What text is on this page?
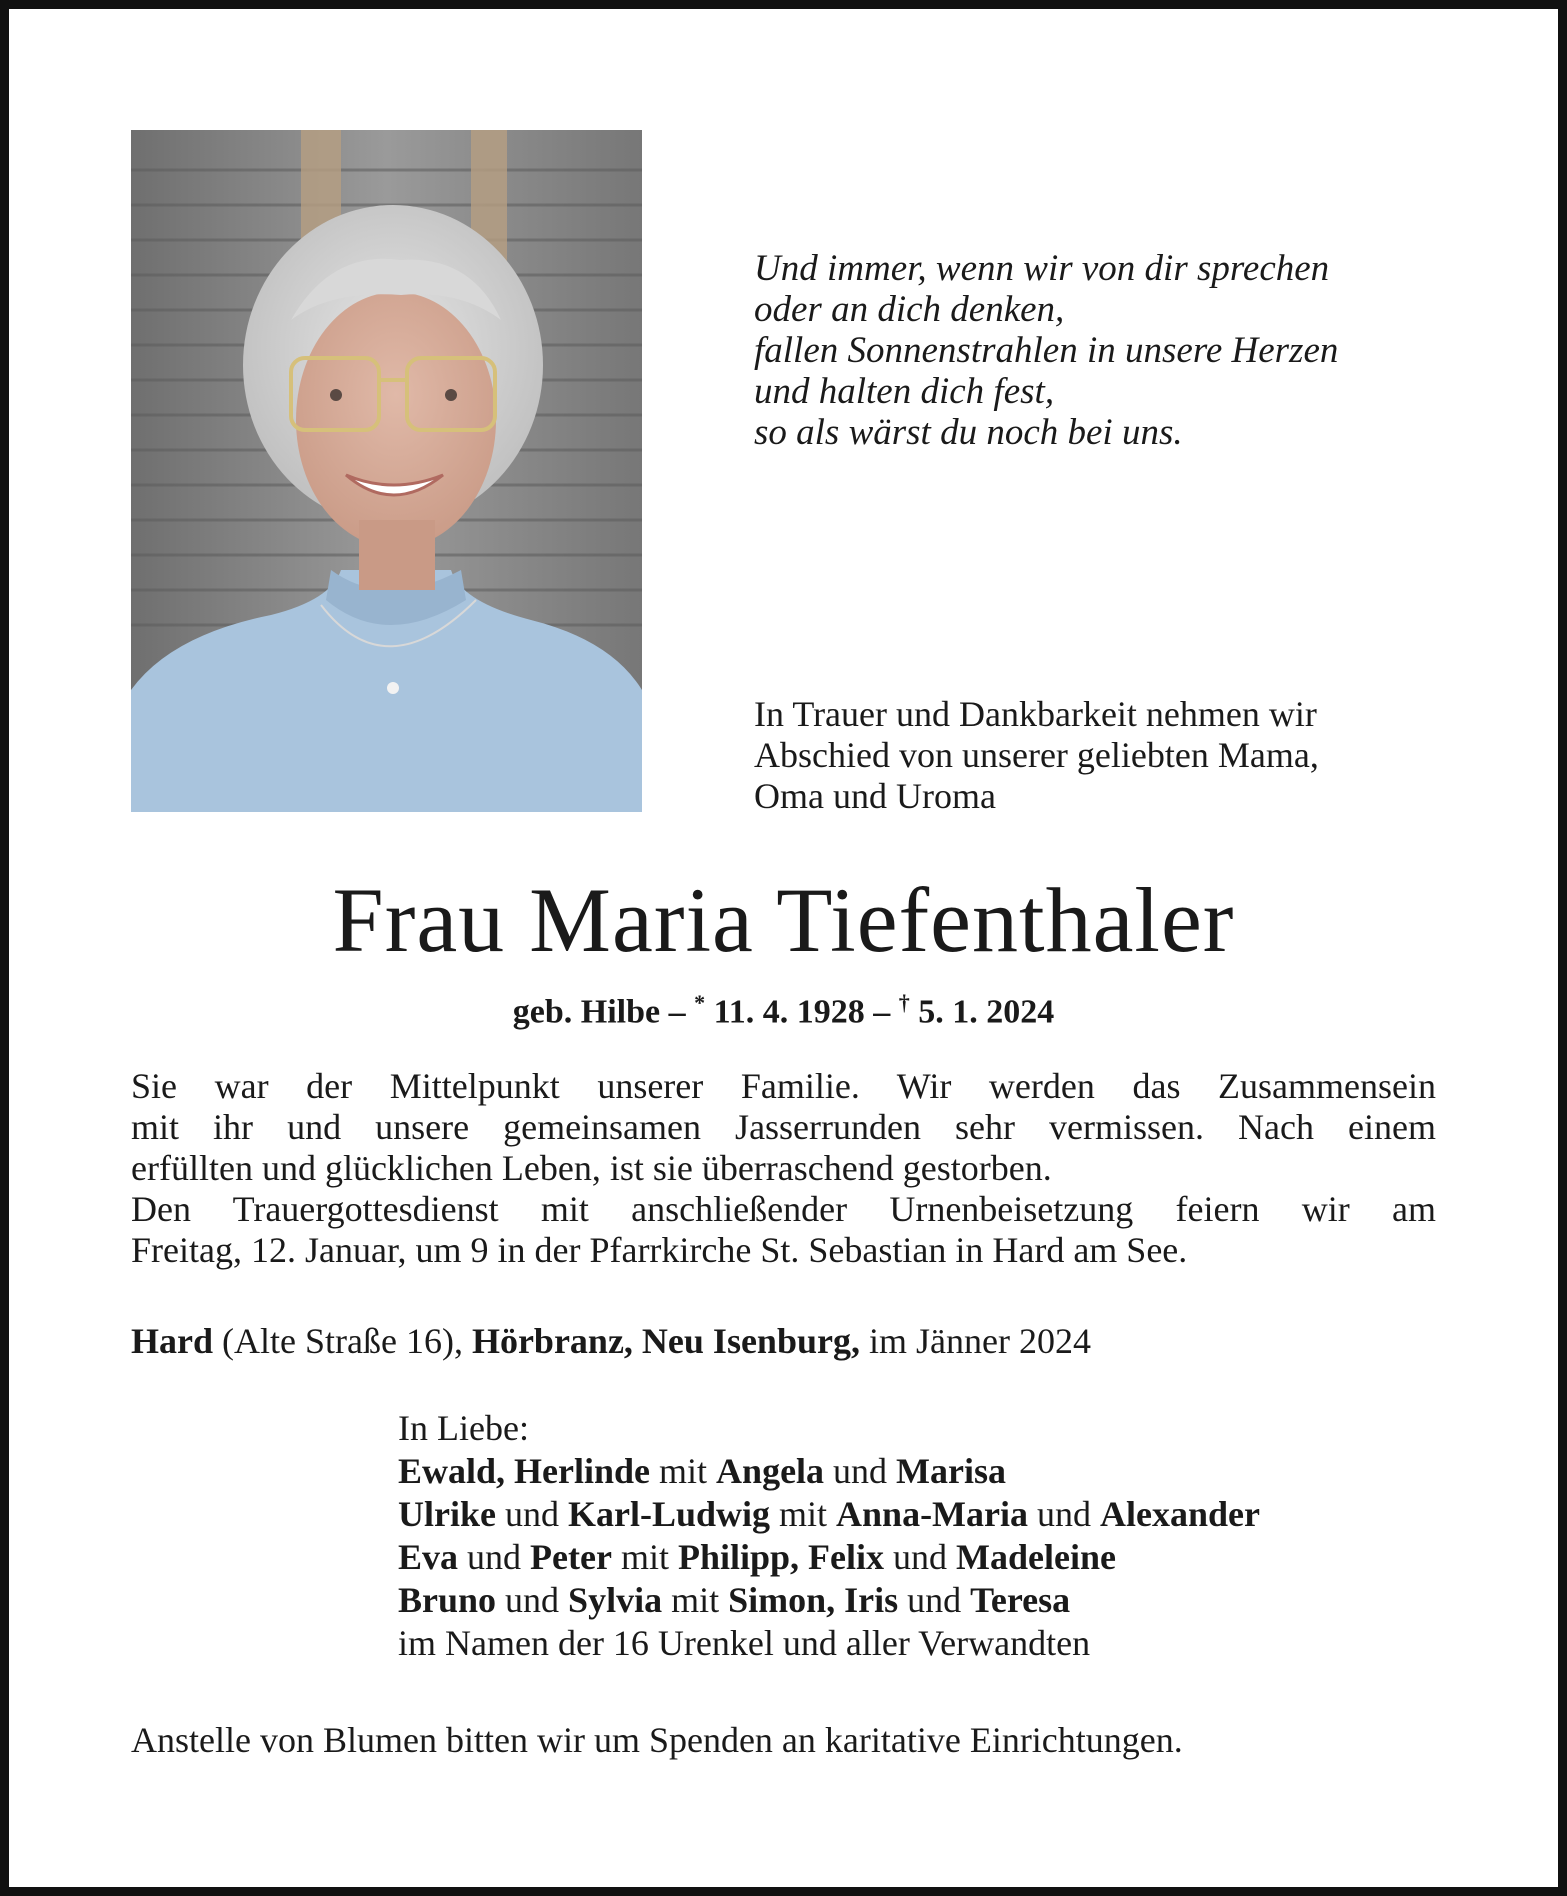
Und immer, wenn wir von dir sprechen
oder an dich denken,
fallen Sonnenstrahlen in unsere Herzen
und halten dich fest,
so als wärst du noch bei uns.
In Trauer und Dankbarkeit nehmen wir
Abschied von unserer geliebten Mama,
Oma und Uroma
Frau Maria Tiefenthaler
geb. Hilbe – * 11. 4. 1928 – † 5. 1. 2024
Sie war der Mittelpunkt unserer Familie. Wir werden das Zusammensein
mit ihr und unsere gemeinsamen Jasserrunden sehr vermissen. Nach einem
erfüllten und glücklichen Leben, ist sie überraschend gestorben.
Den Trauergottesdienst mit anschließender Urnenbeisetzung feiern wir am
Freitag, 12. Januar, um 9 in der Pfarrkirche St. Sebastian in Hard am See.
Hard (Alte Straße 16), Hörbranz, Neu Isenburg, im Jänner 2024
In Liebe:
Ewald, Herlinde mit Angela und Marisa
Ulrike und Karl-Ludwig mit Anna-Maria und Alexander
Eva und Peter mit Philipp, Felix und Madeleine
Bruno und Sylvia mit Simon, Iris und Teresa
im Namen der 16 Urenkel und aller Verwandten
Anstelle von Blumen bitten wir um Spenden an karitative Einrichtungen.
